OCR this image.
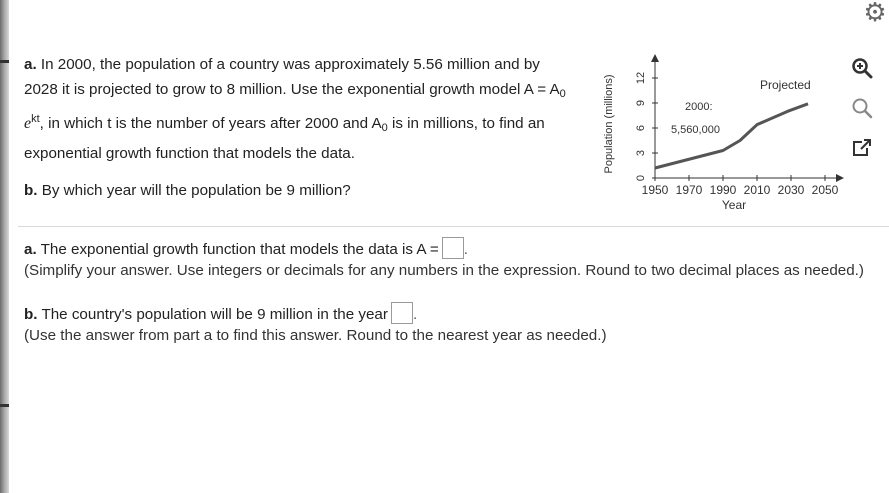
⚙
a. In 2000, the population of a country was approximately 5.56 million and by 2028 it is projected to grow to 8 million. Use the exponential growth model $A = A_0$ $e^{kt}$, in which t is the number of years after 2000 and $A_0$ is in millions, to find an exponential growth function that models the data.
b. By which year will the population be 9 million?
Population (millions)
0
3
6
9
12
1950 1970 1990 2010 2030 2050
Projected
2000:
5,560,000
Year
a. The exponential growth function that models the data is A = .
(Simplify your answer. Use integers or decimals for any numbers in the expression. Round to two decimal places as needed.)
b. The country's population will be 9 million in the year .
(Use the answer from part a to find this answer. Round to the nearest year as needed.)
